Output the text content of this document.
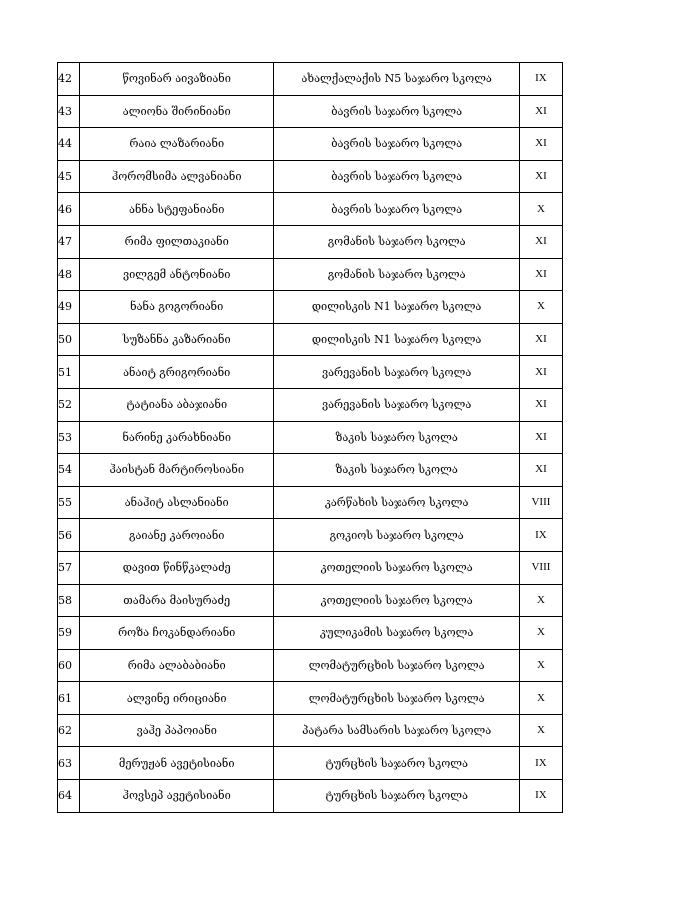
42	წოვინარ აივაზიანი	ახალქალაქის N5 საჯარო სკოლა	IX
43	ალიონა შირინიანი	ბავრის საჯარო სკოლა	XI
44	რაია ლაზარიანი	ბავრის საჯარო სკოლა	XI
45	ჰორომსიმა ალვანიანი	ბავრის საჯარო სკოლა	XI
46	ანნა სტეფანიანი	ბავრის საჯარო სკოლა	X
47	რიმა ფილთაკიანი	გომანის საჯარო სკოლა	XI
48	ვილგემ ანტონიანი	გომანის საჯარო სკოლა	XI
49	ნანა გოგორიანი	დილისკის N1 საჯარო სკოლა	X
50	სუზანნა კაზარიანი	დილისკის N1 საჯარო სკოლა	XI
51	ანაიტ გრიგორიანი	ვარევანის საჯარო სკოლა	XI
52	ტატიანა აბაჯიანი	ვარევანის საჯარო სკოლა	XI
53	ნარინე კარახნიანი	ზაკის საჯარო სკოლა	XI
54	ჰაისტან მარტიროსიანი	ზაკის საჯარო სკოლა	XI
55	ანაჰიტ ასლანიანი	კარწახის საჯარო სკოლა	VIII
56	გაიანე კაროიანი	გოკიოს საჯარო სკოლა	IX
57	დავით წინწკალაძე	კოთელიის საჯარო სკოლა	VIII
58	თამარა მაისურაძე	კოთელიის საჯარო სკოლა	X
59	როზა ჩოკანდარიანი	კულიკამის საჯარო სკოლა	X
60	რიმა ალაბაბიანი	ლომატურცხის საჯარო სკოლა	X
61	ალვინე ირიციანი	ლომატურცხის საჯარო სკოლა	X
62	ვაჰე პაპოიანი	პატარა სამსარის საჯარო სკოლა	X
63	მერუჟან ავეტისიანი	ტურცხის საჯარო სკოლა	IX
64	ჰოვსეპ ავეტისიანი	ტურცხის საჯარო სკოლა	IX
